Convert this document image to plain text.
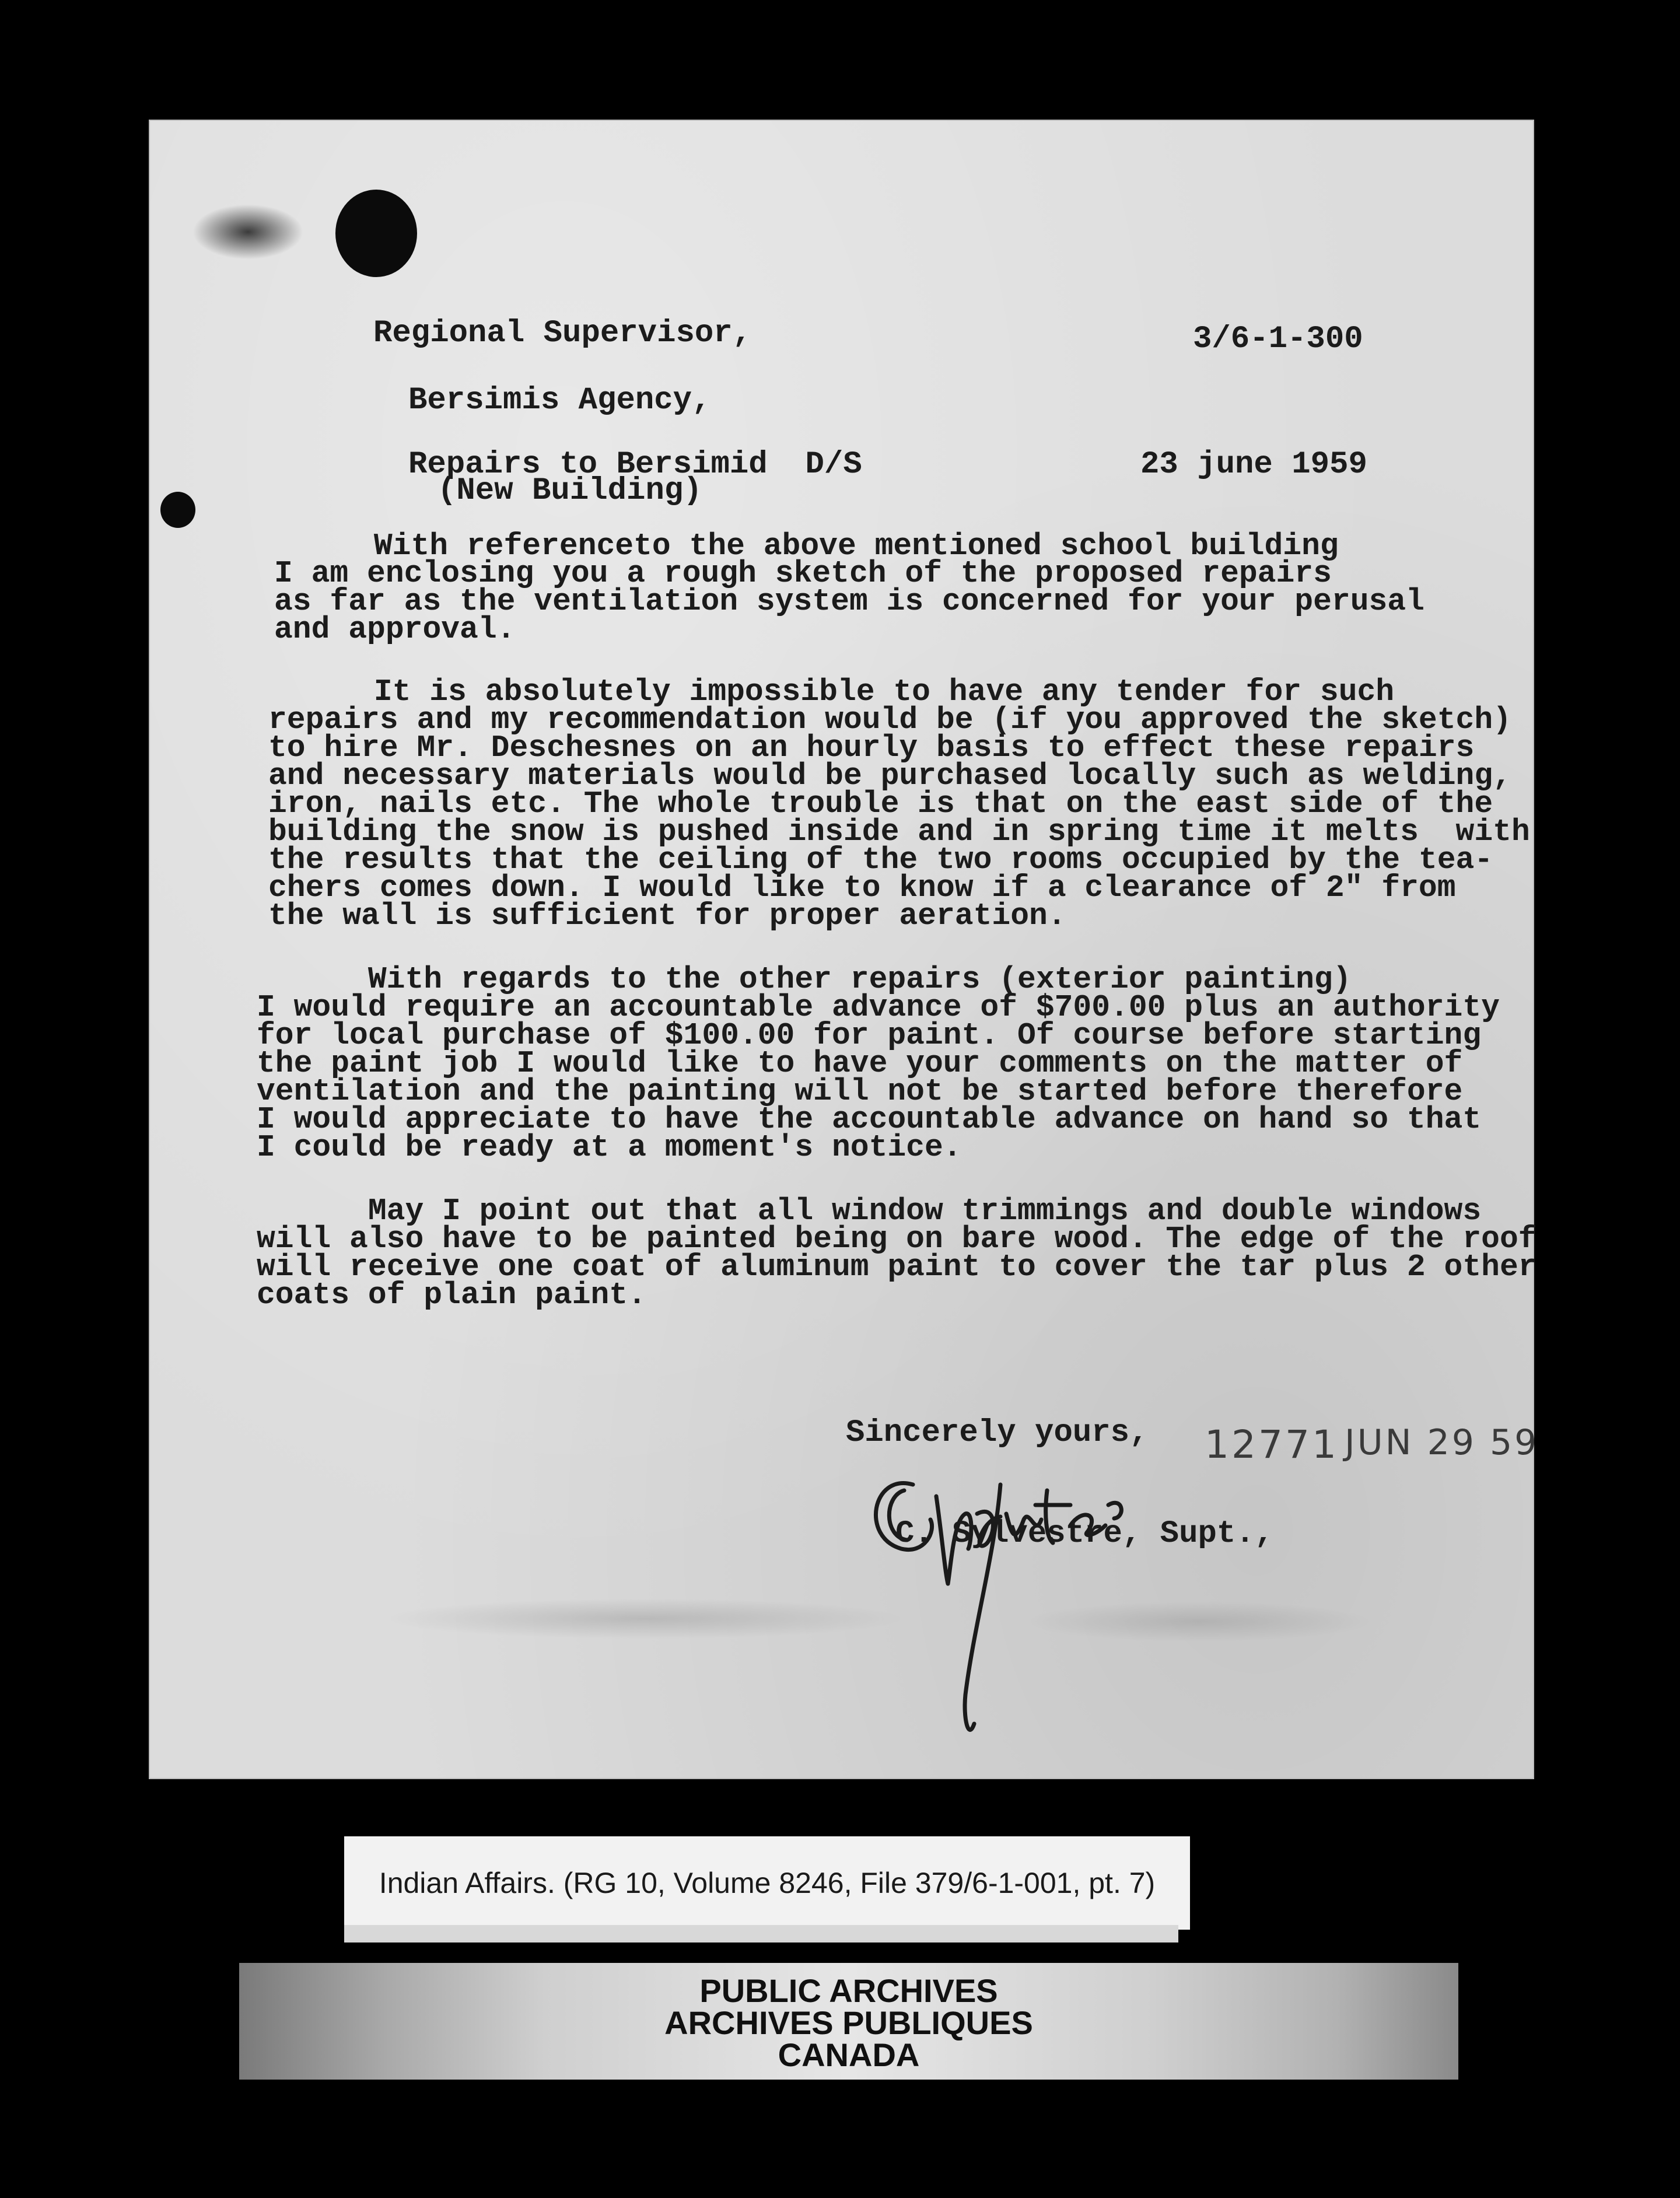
Regional Supervisor,	3/6-1-300

Bersimis Agency,

Repairs to Bersimid  D/S

(New Building)

23 june 1959

With referenceto the above mentioned school building

I am enclosing you a rough sketch of the proposed repairs

as far as the ventilation system is concerned for your perusal

and approval.

It is absolutely impossible to have any tender for such

repairs and my recommendation would be (if you approved the sketch)

to hire Mr. Deschesnes on an hourly basis to effect these repairs

and necessary materials would be purchased locally such as welding,

iron, nails etc. The whole trouble is that on the east side of the

building the snow is pushed inside and in spring time it melts  with

the results that the ceiling of the two rooms occupied by the tea-

chers comes down. I would like to know if a clearance of 2" from

the wall is sufficient for proper aeration.

With regards to the other repairs (exterior painting)

I would require an accountable advance of $700.00 plus an authority

for local purchase of $100.00 for paint. Of course before starting

the paint job I would like to have your comments on the matter of

ventilation and the painting will not be started before therefore

I would appreciate to have the accountable advance on hand so that

I could be ready at a moment's notice.

May I point out that all window trimmings and double windows

will also have to be painted being on bare wood. The edge of the roof

will receive one coat of aluminum paint to cover the tar plus 2 other

coats of plain paint.

Sincerely yours, 12771 JUN 29 59

C. Sylvestre, Supt.,

Indian Affairs. (RG 10, Volume 8246, File 379/6-1-001, pt. 7)
PUBLIC ARCHIVES
ARCHIVES PUBLIQUES
CANADA
